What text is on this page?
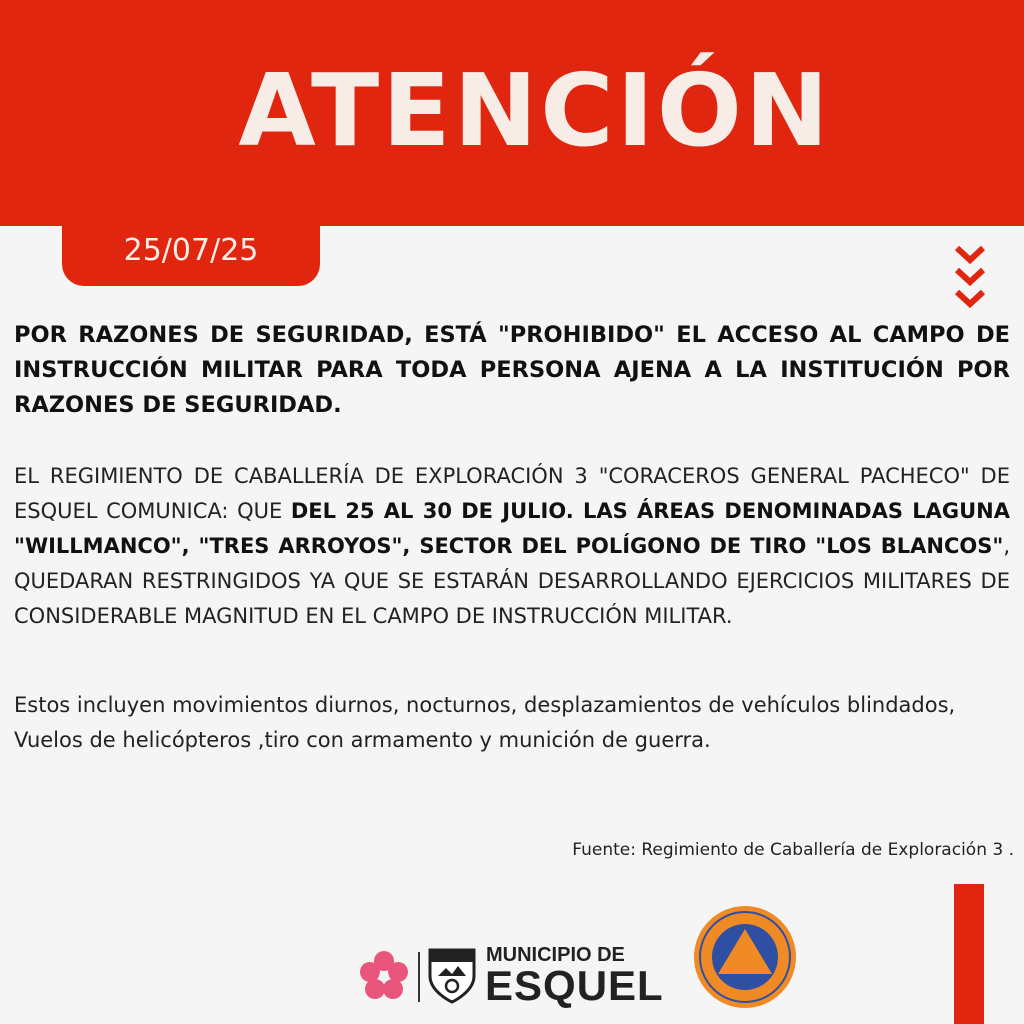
ATENCIÓN
25/07/25
POR RAZONES DE SEGURIDAD, ESTÁ "PROHIBIDO" EL ACCESO AL CAMPO DE INSTRUCCIÓN MILITAR PARA TODA PERSONA AJENA A LA INSTITUCIÓN POR RAZONES DE SEGURIDAD.
EL REGIMIENTO DE CABALLERÍA DE EXPLORACIÓN 3 "CORACEROS GENERAL PACHECO" DE ESQUEL COMUNICA: QUE DEL 25 AL 30 DE JULIO. LAS ÁREAS DENOMINADAS LAGUNA "WILLMANCO", "TRES ARROYOS", SECTOR DEL POLÍGONO DE TIRO "LOS BLANCOS", QUEDARAN RESTRINGIDOS YA QUE SE ESTARÁN DESARROLLANDO EJERCICIOS MILITARES DE CONSIDERABLE MAGNITUD EN EL CAMPO DE INSTRUCCIÓN MILITAR.
Estos incluyen movimientos diurnos, nocturnos, desplazamientos de vehículos blindados, Vuelos de helicópteros ,tiro con armamento y munición de guerra.
Fuente: Regimiento de Caballería de Exploración 3 .
MUNICIPIO DE
ESQUEL
